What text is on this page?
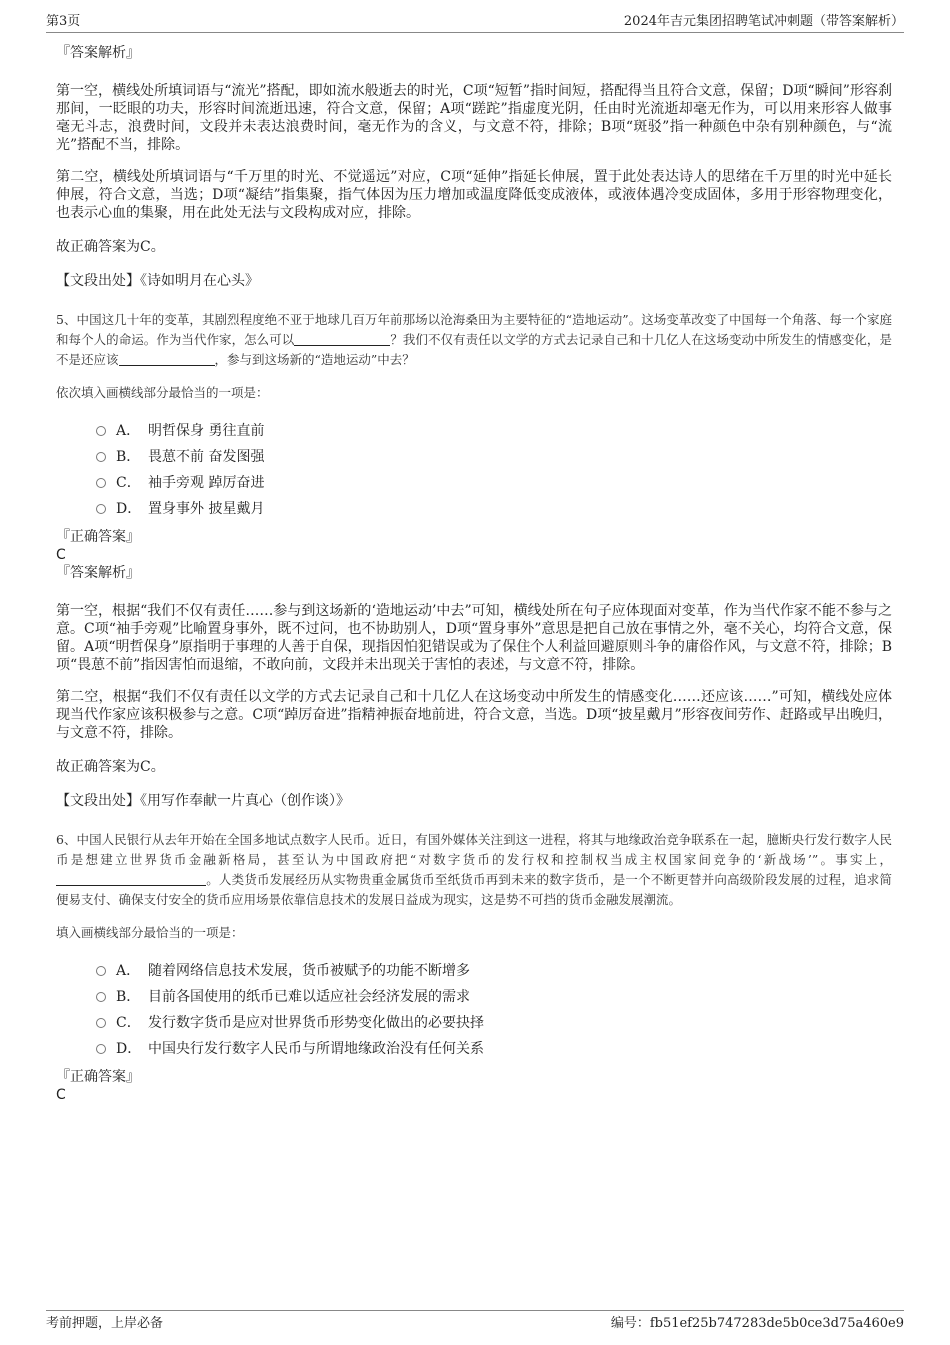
第3页	2024年吉元集团招聘笔试冲刺题（带答案解析）

『答案解析』

第一空，横线处所填词语与“流光”搭配，即如流水般逝去的时光，C项“短暂”指时间短，搭配得当且符合文意，保留；D项“瞬间”形容刹那间，一眨眼的功夫，形容时间流逝迅速，符合文意，保留；A项“蹉跎”指虚度光阴，任由时光流逝却毫无作为，可以用来形容人做事毫无斗志，浪费时间，文段并未表达浪费时间，毫无作为的含义，与文意不符，排除；B项“斑驳”指一种颜色中杂有别种颜色，与“流光”搭配不当，排除。

第二空，横线处所填词语与“千万里的时光、不觉遥远”对应，C项“延伸”指延长伸展，置于此处表达诗人的思绪在千万里的时光中延长伸展，符合文意，当选；D项“凝结”指集聚，指气体因为压力增加或温度降低变成液体，或液体遇冷变成固体，多用于形容物理变化，也表示心血的集聚，用在此处无法与文段构成对应，排除。

故正确答案为C。

【文段出处】《诗如明月在心头》

5、中国这几十年的变革，其剧烈程度绝不亚于地球几百万年前那场以沧海桑田为主要特征的“造地运动”。这场变革改变了中国每一个角落、每一个家庭和每个人的命运。作为当代作家，怎么可以	？我们不仅有责任以文学的方式去记录自己和十几亿人在这场变动中所发生的情感变化，是不是还应该	，参与到这场新的“造地运动”中去？

依次填入画横线部分最恰当的一项是：

A． 明哲保身 勇往直前
B． 畏葸不前 奋发图强
C． 袖手旁观 踔厉奋进
D． 置身事外 披星戴月

『正确答案』

C

『答案解析』

第一空，根据“我们不仅有责任……参与到这场新的‘造地运动’中去”可知，横线处所在句子应体现面对变革，作为当代作家不能不参与之意。C项“袖手旁观”比喻置身事外，既不过问，也不协助别人，D项“置身事外”意思是把自己放在事情之外，毫不关心，均符合文意，保留。A项“明哲保身”原指明于事理的人善于自保，现指因怕犯错误或为了保住个人利益回避原则斗争的庸俗作风，与文意不符，排除；B项“畏葸不前”指因害怕而退缩，不敢向前，文段并未出现关于害怕的表述，与文意不符，排除。

第二空，根据“我们不仅有责任以文学的方式去记录自己和十几亿人在这场变动中所发生的情感变化……还应该……”可知，横线处应体现当代作家应该积极参与之意。C项“踔厉奋进”指精神振奋地前进，符合文意，当选。D项“披星戴月”形容夜间劳作、赶路或早出晚归，与文意不符，排除。

故正确答案为C。

【文段出处】《用写作奉献一片真心（创作谈）》

6、中国人民银行从去年开始在全国多地试点数字人民币。近日，有国外媒体关注到这一进程，将其与地缘政治竞争联系在一起，臆断央行发行数字人民币是想建立世界货币金融新格局，甚至认为中国政府把“对数字货币的发行权和控制权当成主权国家间竞争的‘新战场’”。事实上，。人类货币发展经历从实物贵重金属货币至纸货币再到未来的数字货币，是一个不断更替并向高级阶段发展的过程，追求简便易支付、确保支付安全的货币应用场景依靠信息技术的发展日益成为现实，这是势不可挡的货币金融发展潮流。

填入画横线部分最恰当的一项是：

A． 随着网络信息技术发展，货币被赋予的功能不断增多
B． 目前各国使用的纸币已难以适应社会经济发展的需求
C． 发行数字货币是应对世界货币形势变化做出的必要抉择
D． 中国央行发行数字人民币与所谓地缘政治没有任何关系

『正确答案』

C

考前押题，上岸必备	编号：fb51ef25b747283de5b0ce3d75a460e9
